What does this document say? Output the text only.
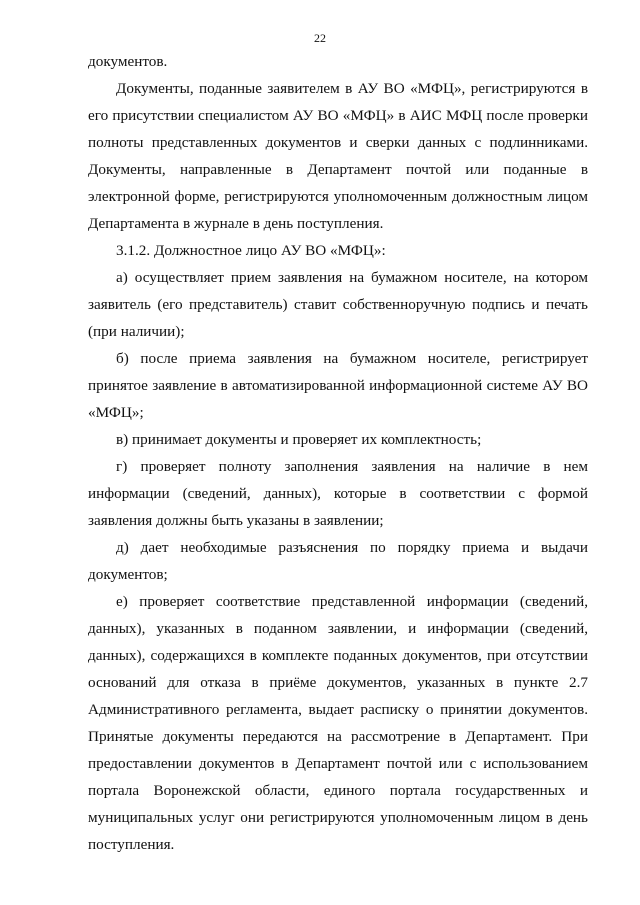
22

документов.

Документы, поданные заявителем в АУ ВО «МФЦ», регистрируются в его присутствии специалистом АУ ВО «МФЦ» в АИС МФЦ после проверки полноты представленных документов и сверки данных с подлинниками. Документы, направленные в Департамент почтой или поданные в электронной форме, регистрируются уполномоченным должностным лицом Департамента в журнале в день поступления.

3.1.2. Должностное лицо АУ ВО «МФЦ»:

а) осуществляет прием заявления на бумажном носителе, на котором заявитель (его представитель) ставит собственноручную подпись и печать (при наличии);

б) после приема заявления на бумажном носителе, регистрирует принятое заявление в автоматизированной информационной системе АУ ВО «МФЦ»;

в) принимает документы и проверяет их комплектность;

г) проверяет полноту заполнения заявления на наличие в нем информации (сведений, данных), которые в соответствии с формой заявления должны быть указаны в заявлении;

д) дает необходимые разъяснения по порядку приема и выдачи документов;

е) проверяет соответствие представленной информации (сведений, данных), указанных в поданном заявлении, и информации (сведений, данных), содержащихся в комплекте поданных документов, при отсутствии оснований для отказа в приёме документов, указанных в пункте 2.7 Административного регламента, выдает расписку о принятии документов. Принятые документы передаются на рассмотрение в Департамент. При предоставлении документов в Департамент почтой или с использованием портала Воронежской области, единого портала государственных и муниципальных услуг они регистрируются уполномоченным лицом в день поступления.
